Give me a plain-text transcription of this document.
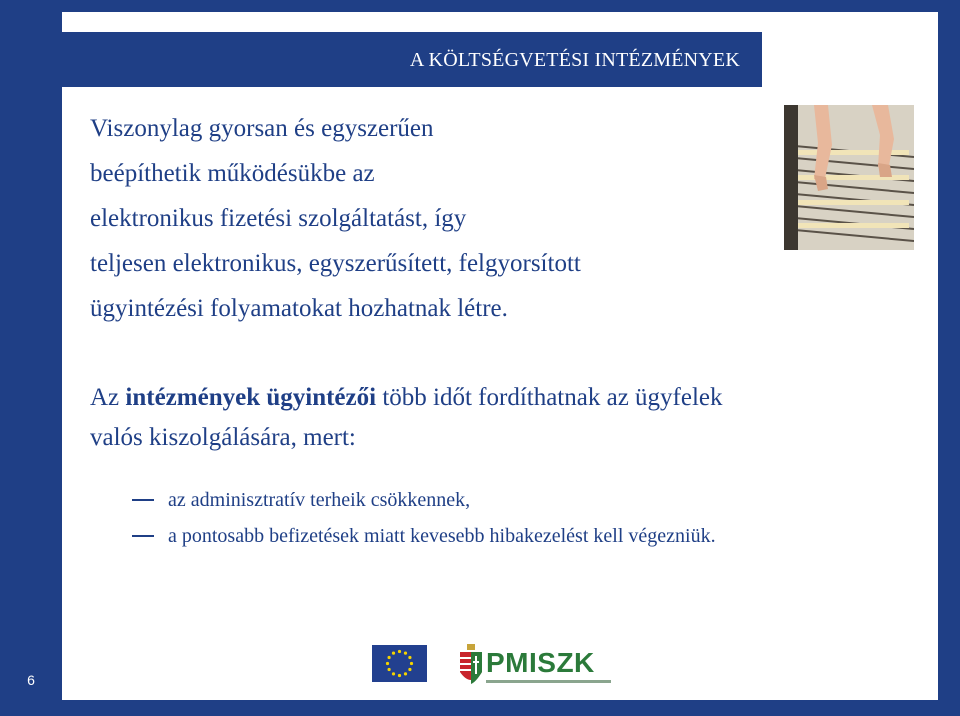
A KÖLTSÉGVETÉSI INTÉZMÉNYEK
Viszonylag gyorsan és egyszerűen
beépíthetik működésükbe az
elektronikus fizetési szolgáltatást, így
teljesen elektronikus, egyszerűsített, felgyorsított
ügyintézési folyamatokat hozhatnak létre.
Az intézmények ügyintézői több időt fordíthatnak az ügyfelek
valós kiszolgálására, mert:
az adminisztratív terheik csökkennek,
a pontosabb befizetések miatt kevesebb hibakezelést kell végezniük.
PMISZK
6
